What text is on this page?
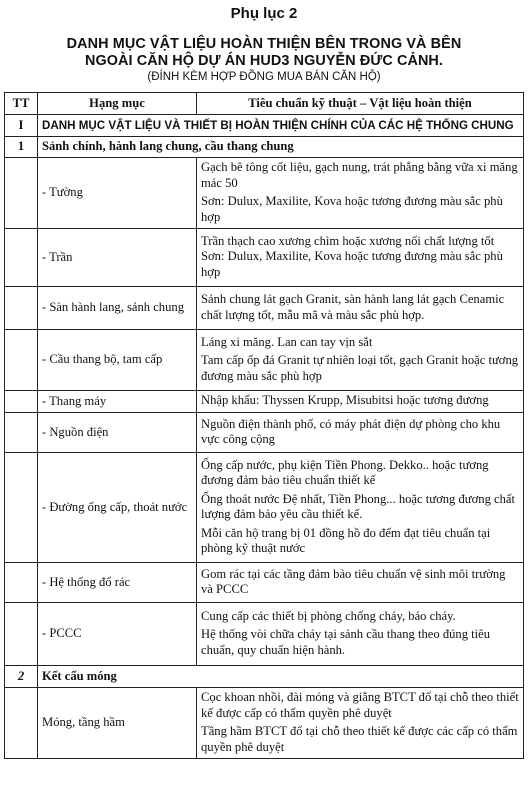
Phụ lục 2
DANH MỤC VẬT LIỆU HOÀN THIỆN BÊN TRONG VÀ BÊN
NGOÀI CĂN HỘ DỰ ÁN HUD3 NGUYỄN ĐỨC CẢNH.
(ĐÍNH KÈM HỢP ĐỒNG MUA BÁN CĂN HỘ)
TT	Hạng mục	Tiêu chuẩn kỹ thuật – Vật liệu hoàn thiện
I	DANH MỤC VẬT LIỆU VÀ THIẾT BỊ HOÀN THIỆN CHÍNH CỦA CÁC HỆ THỐNG CHUNG	
1	Sảnh chính, hành lang chung, cầu thang chung	
	- Tường	Gạch bê tông cốt liệu, gạch nung, trát phẳng bằng vữa xi măng mác 50

Sơn: Dulux, Maxilite, Kova hoặc tương đương màu sắc phù hợp

	- Trần	Trần thạch cao xương chìm hoặc xương nổi chất lượng tốt Sơn: Dulux, Maxilite, Kova hoặc tương đương màu sắc phù hợp

	- Sàn hành lang, sảnh chung	Sảnh chung lát gạch Granit, sàn hành lang lát gạch Cenamic chất lượng tốt, mẫu mã và màu sắc phù hợp.

	- Cầu thang bộ, tam cấp	Láng xi măng. Lan can tay vịn sắt

Tam cấp ốp đá Granit tự nhiên loại tốt, gạch Granit hoặc tương đương màu sắc phù hợp

	- Thang máy	Nhập khẩu: Thyssen Krupp, Misubitsi hoặc tương đương

	- Nguồn điện	Nguồn điện thành phố, có máy phát điện dự phòng cho khu vực công cộng

	- Đường ống cấp, thoát nước	Ống cấp nước, phụ kiện Tiền Phong. Dekko.. hoặc tương đương đảm bảo tiêu chuẩn thiết kế

Ống thoát nước Đệ nhất, Tiền Phong... hoặc tương đương chất lượng đảm bảo yêu cầu thiết kế.

Mỗi căn hộ trang bị 01 đồng hồ đo đếm đạt tiêu chuẩn tại phòng kỹ thuật nước

	- Hệ thống đổ rác	Gom rác tại các tầng đảm bảo tiêu chuẩn vệ sinh môi trường và PCCC

	- PCCC	Cung cấp các thiết bị phòng chống cháy, báo cháy.

Hệ thống vòi chữa cháy tại sảnh cầu thang theo đúng tiêu chuẩn, quy chuẩn hiện hành.

2	Kết cấu móng	
	Móng, tầng hầm	Cọc khoan nhồi, đài móng và giằng BTCT đổ tại chỗ theo thiết kế được cấp có thẩm quyền phê duyệt

Tầng hầm BTCT đổ tại chỗ theo thiết kế được các cấp có thẩm quyền phê duyệt
